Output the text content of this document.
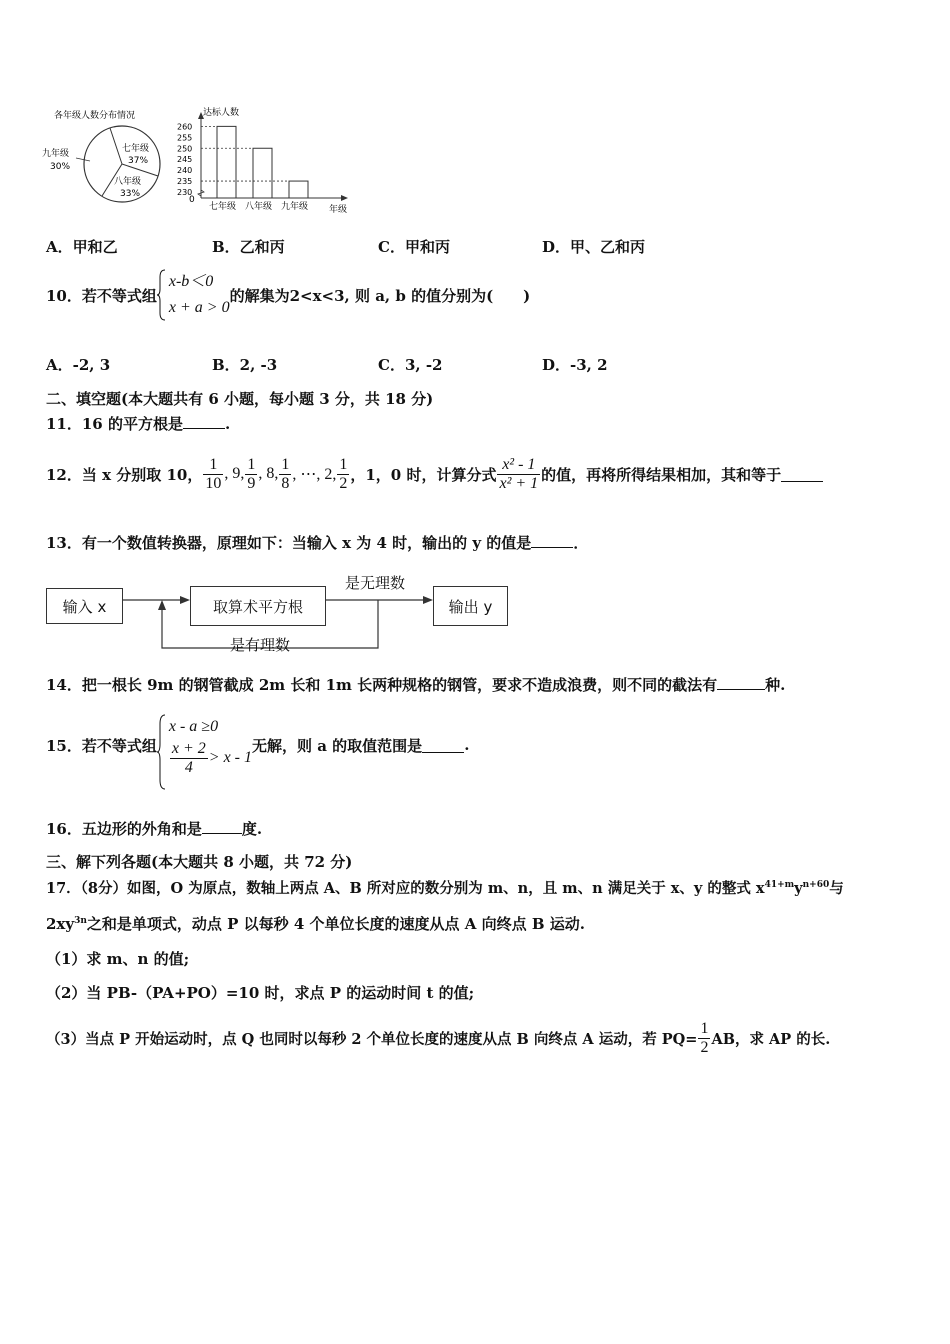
各年级人数分布情况
七年级
37%
八年级
33%
九年级
30%
230
235
240
245
250
255
260
七年级 八年级 九年级
达标人数
年级
0
A．甲和乙	B．乙和丙	C．甲和丙	D．甲、乙和丙
10．若不等式组
x-b＜0
x + a > 0
的解集为2<x<3, 则 a, b 的值分别为(　　)
A．-2, 3	B．2, -3	C．3, -2	D．-3, 2
二、填空题(本大题共有 6 小题，每小题 3 分，共 18 分)
11．16 的平方根是	.
12．当 x 分别取 10， $\frac{1}{10}$ , 9, $\frac{1}{9}$ , 8, $\frac{1}{8}$ , ⋯, 2, $\frac{1}{2}$ ，1，0 时，计算分式 $\frac{\text{x² - 1}}{\text{x² + 1}}$ 的值，再将所得结果相加，其和等于
13．有一个数值转换器，原理如下：当输入 x 为 4 时，输出的 y 的值是	．
输入 x	取算术平方根	输出 y
是无理数
是有理数
14．把一根长 9m 的钢管截成 2m 长和 1m 长两种规格的钢管，要求不造成浪费，则不同的截法有	种.
15．若不等式组
x - a ≥0
$\frac{x + 2}{4} > x - 1$
无解，则 a 的取值范围是	.
16．五边形的外角和是	度.
三、解下列各题(本大题共 8 小题，共 72 分)
17．（8分）如图，O 为原点，数轴上两点 A、B 所对应的数分别为 m、n，且 m、n 满足关于 x、y 的整式 $x^{41+m}y^{n+60}$与
$2xy^{3n}$之和是单项式，动点 P 以每秒 4 个单位长度的速度从点 A 向终点 B 运动.
（1）求 m、n 的值;
（2）当 PB-（PA+PO）=10 时，求点 P 的运动时间 t 的值;
（3）当点 P 开始运动时，点 Q 也同时以每秒 2 个单位长度的速度从点 B 向终点 A 运动，若 $PQ= \frac{1}{2}$ AB，求 AP 的长.
